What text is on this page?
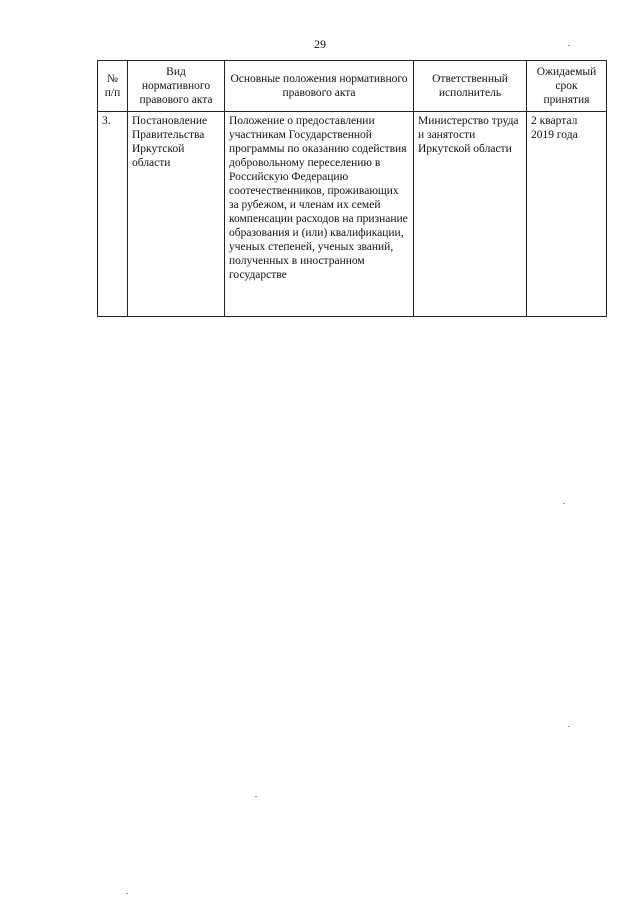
29
№ п/п	Вид нормативного правового акта	Основные положения нормативного правового акта	Ответственный исполнитель	Ожидаемый срок принятия
3.	Постановление Правительства Иркутской области	Положение о предоставлении участникам Государственной программы по оказанию содействия добровольному переселению в Российскую Федерацию соотечественников, проживающих за рубежом, и членам их семей компенсации расходов на признание образования и (или) квалификации, ученых степеней, ученых званий, полученных в иностранном государстве	Министерство труда и занятости Иркутской области	2 квартал 2019 года
